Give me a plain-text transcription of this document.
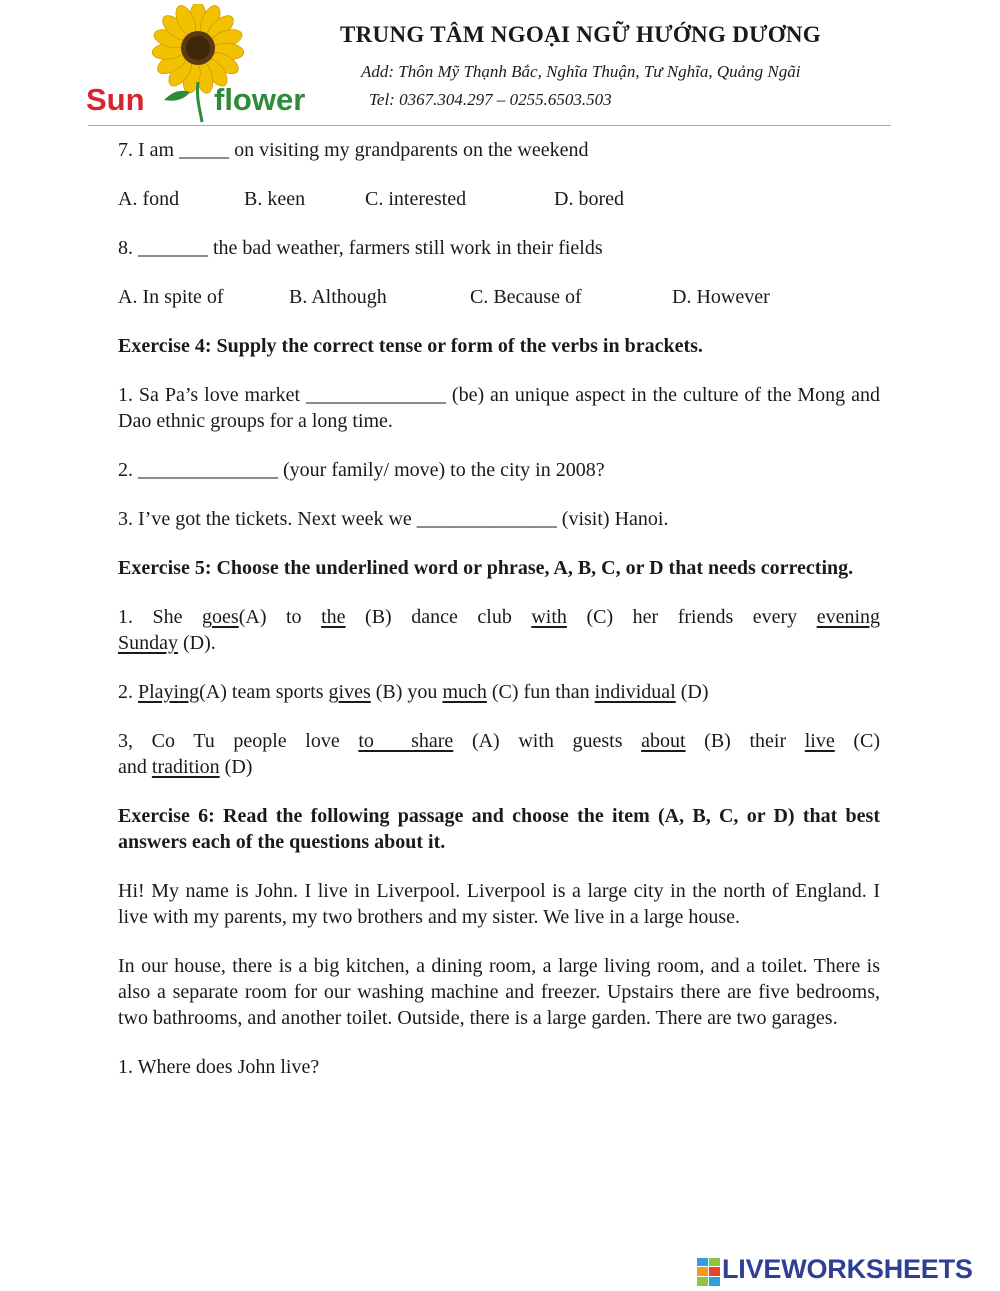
Sun flower
TRUNG TÂM NGOẠI NGỮ HƯỚNG DƯƠNG
Add: Thôn Mỹ Thạnh Bắc, Nghĩa Thuận, Tư Nghĩa, Quảng Ngãi
Tel: 0367.304.297 – 0255.6503.503

7. I am _____ on visiting my grandparents on the weekend

A. fond	B. keen	C. interested	D. bored

8. _______ the bad weather, farmers still work in their fields

A. In spite of	B. Although	C. Because of	D. However

Exercise 4: Supply the correct tense or form of the verbs in brackets.

1. Sa Pa’s love market ______________ (be) an unique aspect in the culture of the Mong and Dao ethnic groups for a long time.

2. ______________ (your family/ move) to the city in 2008?

3. I’ve got the tickets. Next week we ______________ (visit) Hanoi.

Exercise 5: Choose the underlined word or phrase, A, B, C, or D that needs correcting.

1. She goes(A) to the (B) dance club with (C) her friends every evening
Sunday (D).

2. Playing(A) team sports gives (B) you much (C) fun than individual (D)

3, Co Tu people love to  share (A) with guests about (B) their live (C)
and tradition (D)

Exercise 6: Read the following passage and choose the item (A, B, C, or D) that best answers each of the questions about it.

Hi! My name is John. I live in Liverpool. Liverpool is a large city in the north of England. I live with my parents, my two brothers and my sister. We live in a large house.

In our house, there is a big kitchen, a dining room, a large living room, and a toilet. There is also a separate room for our washing machine and freezer. Upstairs there are five bedrooms, two bathrooms, and another toilet. Outside, there is a large garden. There are two garages.

1. Where does John live?

LIVEWORKSHEETS
